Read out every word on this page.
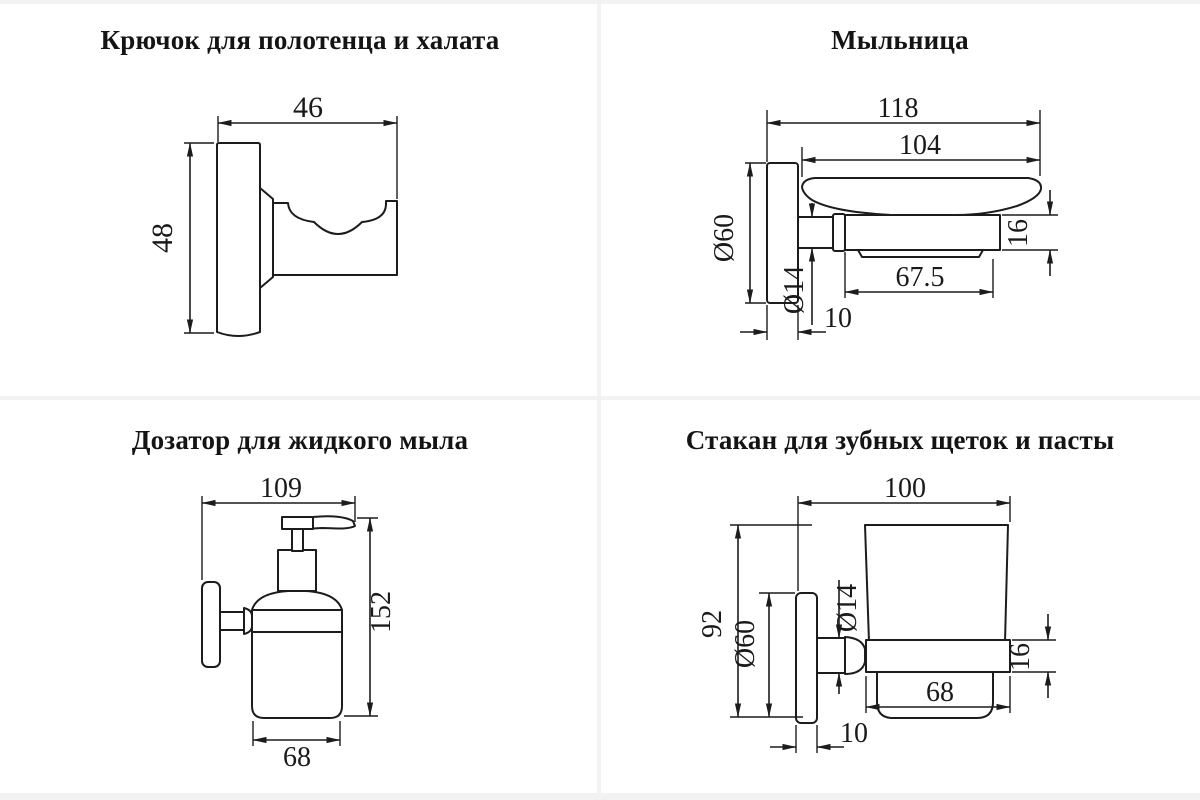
Крючок для полотенца и халата
46
48
Мыльница
118
104
Ø60
Ø14
16
67.5
10
Дозатор для жидкого мыла
109
152
68
Стакан для зубных щеток и пасты
100
92 Ø60
Ø14
16
68
10
